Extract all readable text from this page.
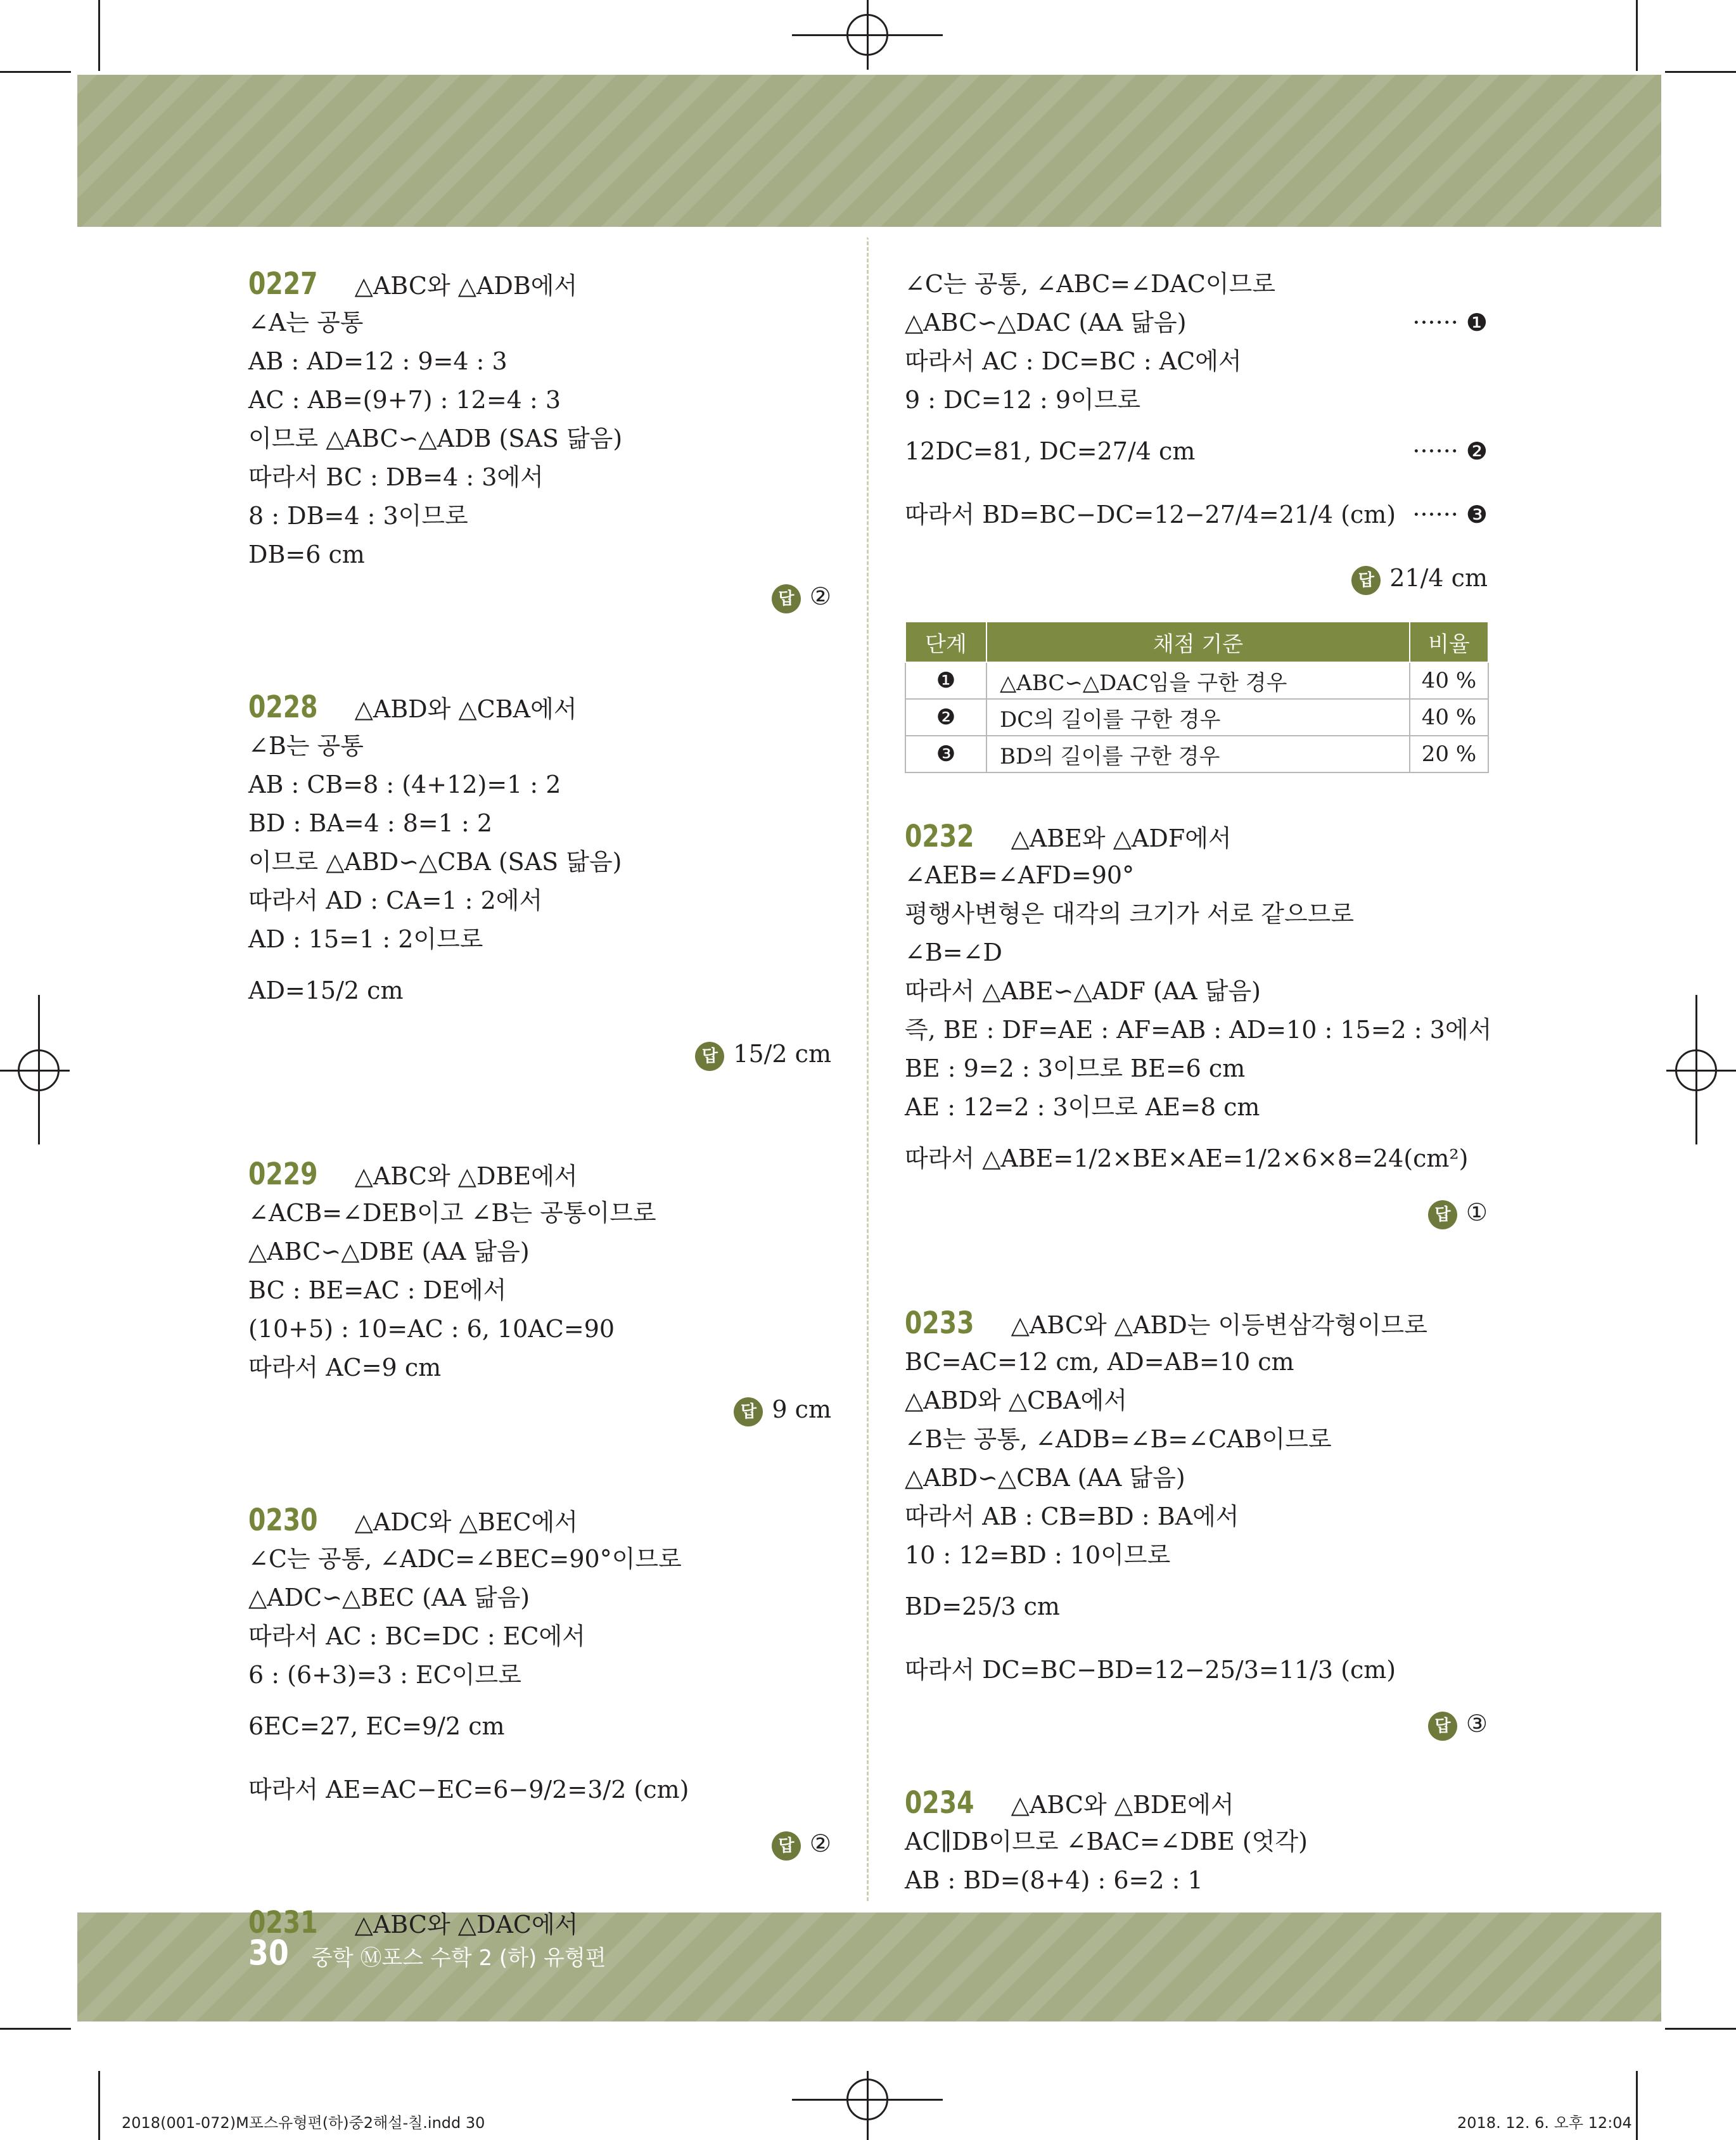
0227 △ABC와 △ADB에서
∠A는 공통
AB : AD=12 : 9=4 : 3
AC : AB=(9+7) : 12=4 : 3
이므로 △ABC∽△ADB (SAS 닮음)
따라서 BC : DB=4 : 3에서
8 : DB=4 : 3이므로
DB=6 cm
답 ②
0228 △ABD와 △CBA에서
∠B는 공통
AB : CB=8 : (4+12)=1 : 2
BD : BA=4 : 8=1 : 2
이므로 △ABD∽△CBA (SAS 닮음)
따라서 AD : CA=1 : 2에서
AD : 15=1 : 2이므로
AD=15/2 cm
답 15/2 cm
0229 △ABC와 △DBE에서
∠ACB=∠DEB이고 ∠B는 공통이므로
△ABC∽△DBE (AA 닮음)
BC : BE=AC : DE에서
(10+5) : 10=AC : 6, 10AC=90
따라서 AC=9 cm
답 9 cm
0230 △ADC와 △BEC에서
∠C는 공통, ∠ADC=∠BEC=90°이므로
△ADC∽△BEC (AA 닮음)
따라서 AC : BC=DC : EC에서
6 : (6+3)=3 : EC이므로
6EC=27, EC=9/2 cm
따라서 AE=AC−EC=6−9/2=3/2 (cm)
답 ②
0231 △ABC와 △DAC에서
∠C는 공통, ∠ABC=∠DAC이므로
△ABC∽△DAC (AA 닮음)	······ ❶
따라서 AC : DC=BC : AC에서
9 : DC=12 : 9이므로
12DC=81, DC=27/4 cm	······ ❷
따라서 BD=BC−DC=12−27/4=21/4 (cm) ······ ❸
답 21/4 cm
단계	채점 기준	비율
❶	△ABC∽△DAC임을 구한 경우	40 %
❷	DC의 길이를 구한 경우	40 %
❸	BD의 길이를 구한 경우	20 %
0232 △ABE와 △ADF에서
∠AEB=∠AFD=90°
평행사변형은 대각의 크기가 서로 같으므로
∠B=∠D
따라서 △ABE∽△ADF (AA 닮음)
즉, BE : DF=AE : AF=AB : AD=10 : 15=2 : 3에서
BE : 9=2 : 3이므로 BE=6 cm
AE : 12=2 : 3이므로 AE=8 cm
따라서 △ABE=1/2×BE×AE=1/2×6×8=24(cm²)
답 ①
0233 △ABC와 △ABD는 이등변삼각형이므로
BC=AC=12 cm, AD=AB=10 cm
△ABD와 △CBA에서
∠B는 공통, ∠ADB=∠B=∠CAB이므로
△ABD∽△CBA (AA 닮음)
따라서 AB : CB=BD : BA에서
10 : 12=BD : 10이므로
BD=25/3 cm
따라서 DC=BC−BD=12−25/3=11/3 (cm)
답 ③
0234 △ABC와 △BDE에서
AC∥DB이므로 ∠BAC=∠DBE (엇각)
AB : BD=(8+4) : 6=2 : 1
30 중학 Ⓜ포스 수학 2 (하) 유형편
2018(001-072)M포스유형편(하)중2해설-칠.indd 30	2018. 12. 6. 오후 12:04
